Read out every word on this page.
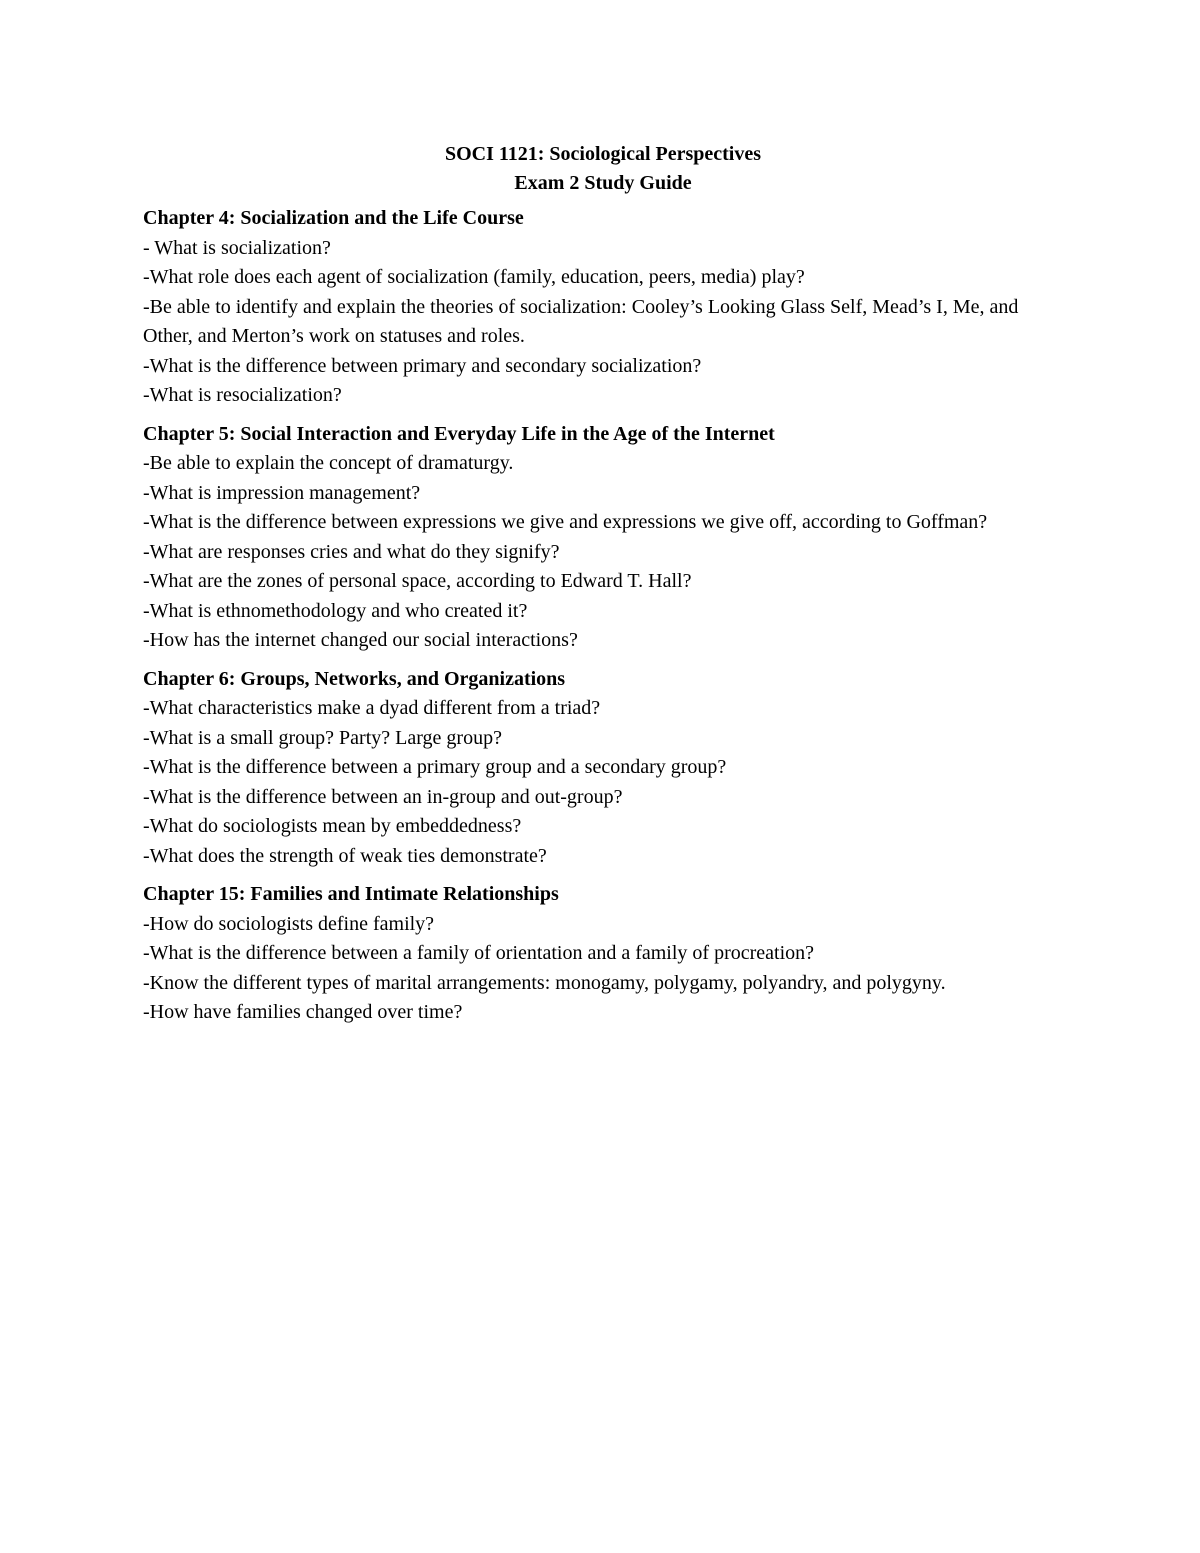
SOCI 1121: Sociological Perspectives
Exam 2 Study Guide
Chapter 4: Socialization and the Life Course
- What is socialization?
-What role does each agent of socialization (family, education, peers, media) play?
-Be able to identify and explain the theories of socialization: Cooley’s Looking Glass Self, Mead’s I, Me, and Other, and Merton’s work on statuses and roles.
-What is the difference between primary and secondary socialization?
-What is resocialization?
Chapter 5: Social Interaction and Everyday Life in the Age of the Internet
-Be able to explain the concept of dramaturgy.
-What is impression management?
-What is the difference between expressions we give and expressions we give off, according to Goffman?
-What are responses cries and what do they signify?
-What are the zones of personal space, according to Edward T. Hall?
-What is ethnomethodology and who created it?
-How has the internet changed our social interactions?
Chapter 6: Groups, Networks, and Organizations
-What characteristics make a dyad different from a triad?
-What is a small group? Party? Large group?
-What is the difference between a primary group and a secondary group?
-What is the difference between an in-group and out-group?
-What do sociologists mean by embeddedness?
-What does the strength of weak ties demonstrate?
Chapter 15: Families and Intimate Relationships
-How do sociologists define family?
-What is the difference between a family of orientation and a family of procreation?
-Know the different types of marital arrangements: monogamy, polygamy, polyandry, and polygyny.
-How have families changed over time?
